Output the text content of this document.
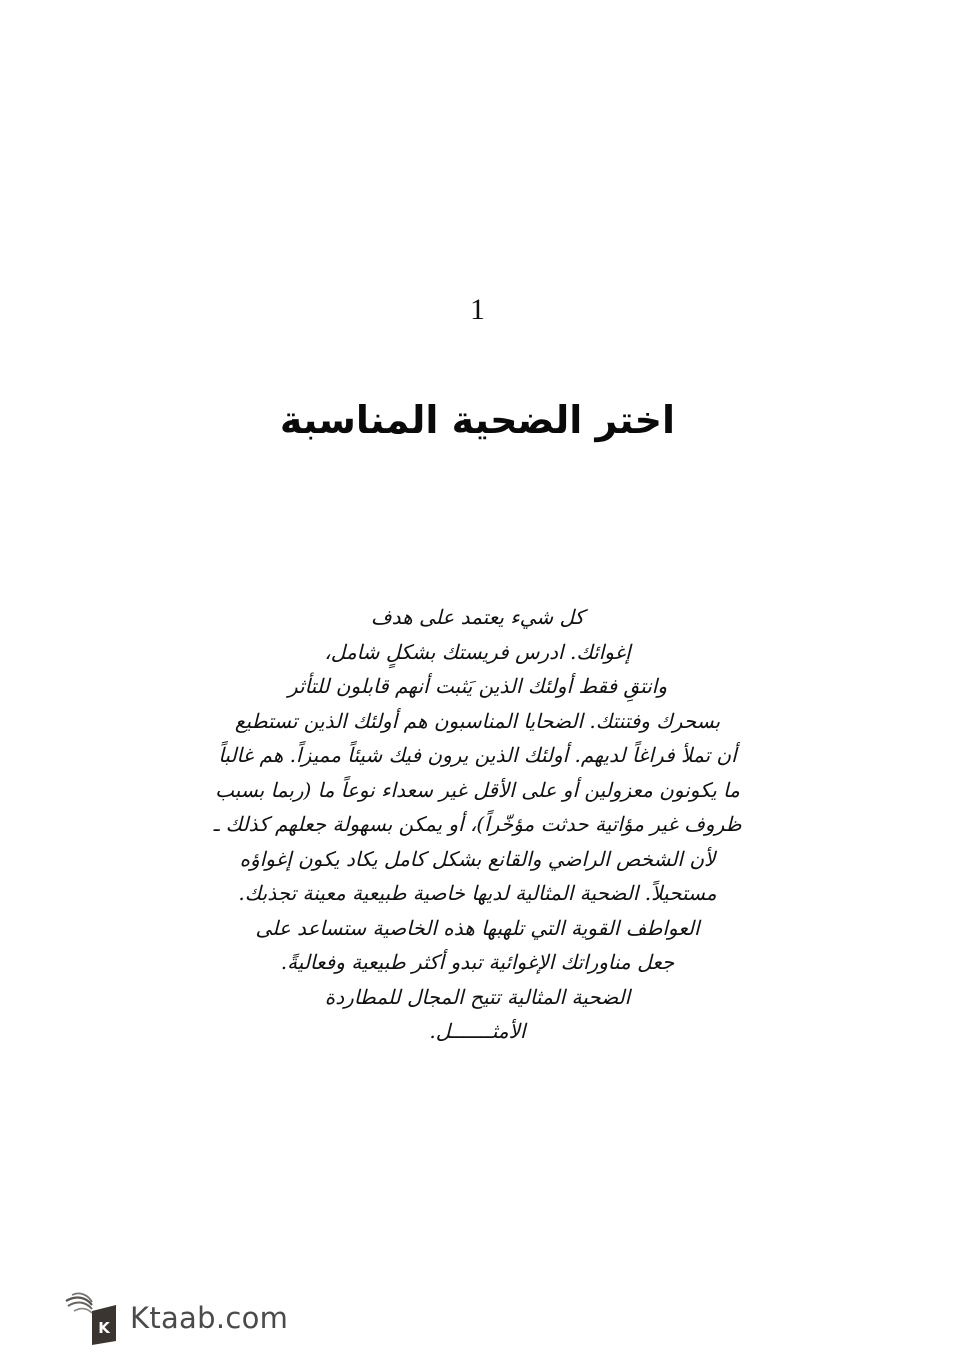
1
اختر الضحية المناسبة
كل شيء يعتمد على هدف
إغوائك. ادرس فريستك بشكلٍ شامل،
وانتقِ فقط أولئك الذين يَثبت أنهم قابلون للتأثر
بسحرك وفتنتك. الضحايا المناسبون هم أولئك الذين تستطيع
أن تملأ فراغاً لديهم. أولئك الذين يرون فيك شيئاً مميزاً. هم غالباً
ما يكونون معزولين أو على الأقل غير سعداء نوعاً ما (ربما بسبب
ظروف غير مؤاتية حدثت مؤخّراً)، أو يمكن بسهولة جعلهم كذلك ـ
لأن الشخص الراضي والقانع بشكل كامل يكاد يكون إغواؤه
مستحيلاً. الضحية المثالية لديها خاصية طبيعية معينة تجذبك.
العواطف القوية التي تلهبها هذه الخاصية ستساعد على
جعل مناوراتك الإغوائية تبدو أكثر طبيعية وفعاليةً.
الضحية المثالية تتيح المجال للمطاردة
الأمثـــــــل.
K Ktaab.com
